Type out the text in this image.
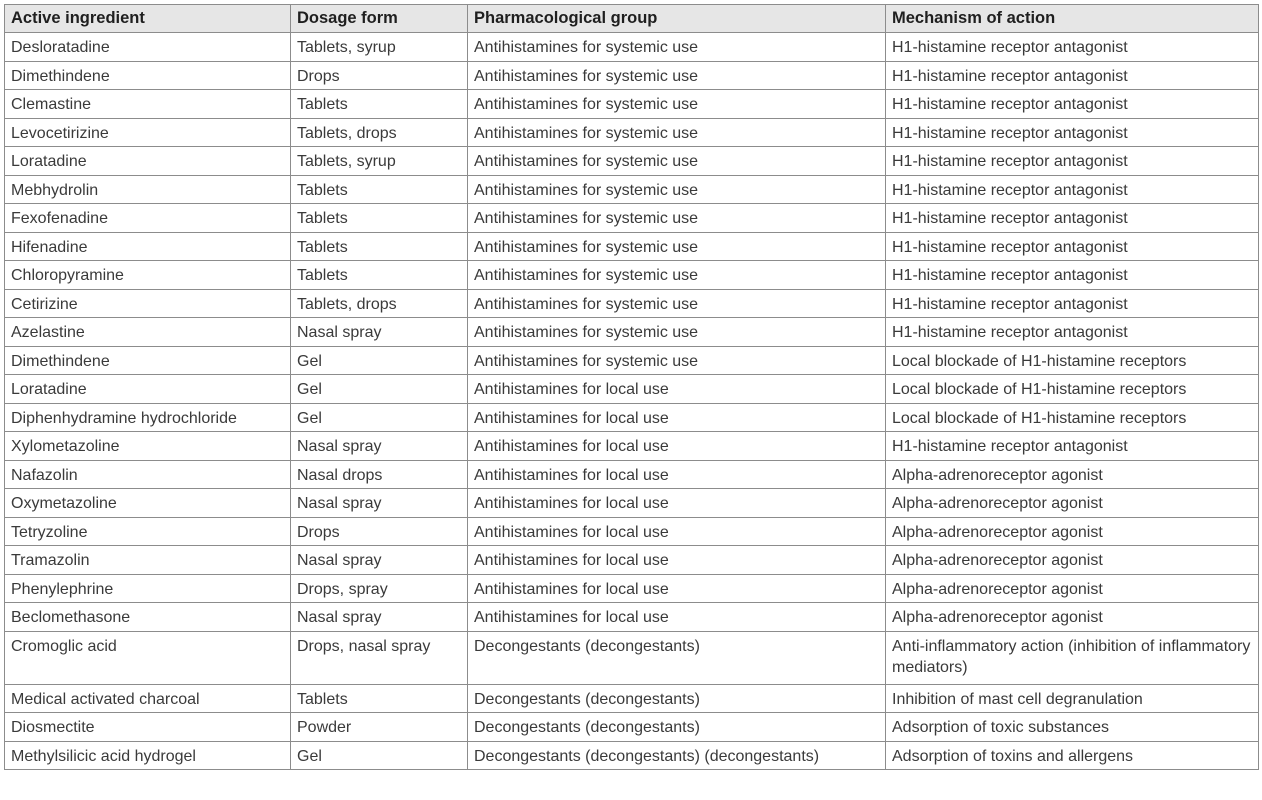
Active ingredient	Dosage form	Pharmacological group	Mechanism of action
Desloratadine	Tablets, syrup	Antihistamines for systemic use	H1-histamine receptor antagonist
Dimethindene	Drops	Antihistamines for systemic use	H1-histamine receptor antagonist
Clemastine	Tablets	Antihistamines for systemic use	H1-histamine receptor antagonist
Levocetirizine	Tablets, drops	Antihistamines for systemic use	H1-histamine receptor antagonist
Loratadine	Tablets, syrup	Antihistamines for systemic use	H1-histamine receptor antagonist
Mebhydrolin	Tablets	Antihistamines for systemic use	H1-histamine receptor antagonist
Fexofenadine	Tablets	Antihistamines for systemic use	H1-histamine receptor antagonist
Hifenadine	Tablets	Antihistamines for systemic use	H1-histamine receptor antagonist
Chloropyramine	Tablets	Antihistamines for systemic use	H1-histamine receptor antagonist
Cetirizine	Tablets, drops	Antihistamines for systemic use	H1-histamine receptor antagonist
Azelastine	Nasal spray	Antihistamines for systemic use	H1-histamine receptor antagonist
Dimethindene	Gel	Antihistamines for systemic use	Local blockade of H1-histamine receptors
Loratadine	Gel	Antihistamines for local use	Local blockade of H1-histamine receptors
Diphenhydramine hydrochloride	Gel	Antihistamines for local use	Local blockade of H1-histamine receptors
Xylometazoline	Nasal spray	Antihistamines for local use	H1-histamine receptor antagonist
Nafazolin	Nasal drops	Antihistamines for local use	Alpha-adrenoreceptor agonist
Oxymetazoline	Nasal spray	Antihistamines for local use	Alpha-adrenoreceptor agonist
Tetryzoline	Drops	Antihistamines for local use	Alpha-adrenoreceptor agonist
Tramazolin	Nasal spray	Antihistamines for local use	Alpha-adrenoreceptor agonist
Phenylephrine	Drops, spray	Antihistamines for local use	Alpha-adrenoreceptor agonist
Beclomethasone	Nasal spray	Antihistamines for local use	Alpha-adrenoreceptor agonist
Cromoglic acid	Drops, nasal spray	Decongestants (decongestants)	Anti-inflammatory action (inhibition of inflammatory mediators)
Medical activated charcoal	Tablets	Decongestants (decongestants)	Inhibition of mast cell degranulation
Diosmectite	Powder	Decongestants (decongestants)	Adsorption of toxic substances
Methylsilicic acid hydrogel	Gel	Decongestants (decongestants) (decongestants)	Adsorption of toxins and allergens
